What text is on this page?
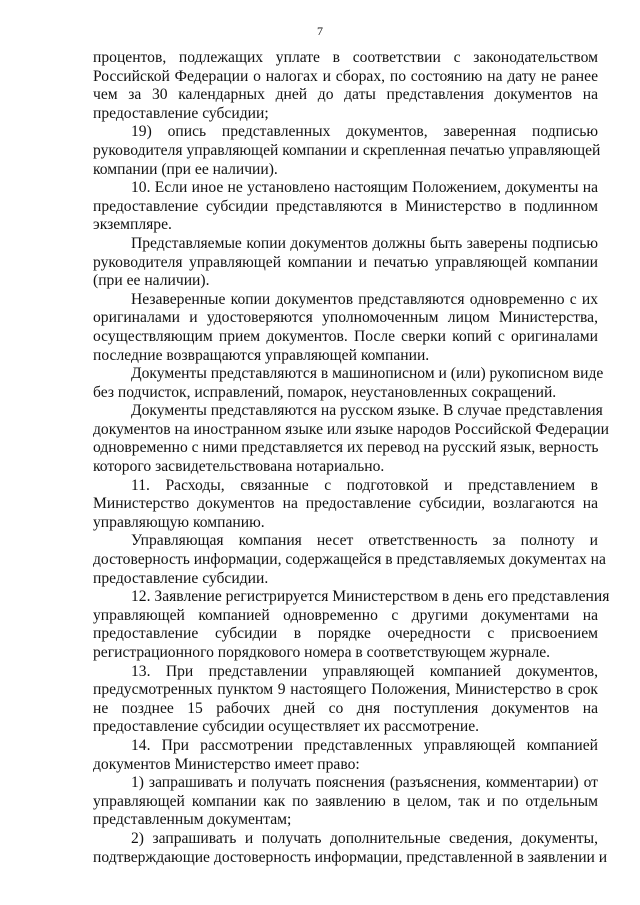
7

процентов, подлежащих уплате в соответствии с законодательством
Российской Федерации о налогах и сборах, по состоянию на дату не ранее
чем за 30 календарных дней до даты представления документов на
предоставление субсидии;

19) опись представленных документов, заверенная подписью
руководителя управляющей компании и скрепленная печатью управляющей
компании (при ее наличии).

10. Если иное не установлено настоящим Положением, документы на
предоставление субсидии представляются в Министерство в подлинном
экземпляре.

Представляемые копии документов должны быть заверены подписью
руководителя управляющей компании и печатью управляющей компании
(при ее наличии).

Незаверенные копии документов представляются одновременно с их
оригиналами и удостоверяются уполномоченным лицом Министерства,
осуществляющим прием документов. После сверки копий с оригиналами
последние возвращаются управляющей компании.

Документы представляются в машинописном и (или) рукописном виде
без подчисток, исправлений, помарок, неустановленных сокращений.

Документы представляются на русском языке. В случае представления
документов на иностранном языке или языке народов Российской Федерации
одновременно с ними представляется их перевод на русский язык, верность
которого засвидетельствована нотариально.

11. Расходы, связанные с подготовкой и представлением в
Министерство документов на предоставление субсидии, возлагаются на
управляющую компанию.

Управляющая компания несет ответственность за полноту и
достоверность информации, содержащейся в представляемых документах на
предоставление субсидии.

12. Заявление регистрируется Министерством в день его представления
управляющей компанией одновременно с другими документами на
предоставление субсидии в порядке очередности с присвоением
регистрационного порядкового номера в соответствующем журнале.

13. При представлении управляющей компанией документов,
предусмотренных пунктом 9 настоящего Положения, Министерство в срок
не позднее 15 рабочих дней со дня поступления документов на
предоставление субсидии осуществляет их рассмотрение.

14. При рассмотрении представленных управляющей компанией
документов Министерство имеет право:

1) запрашивать и получать пояснения (разъяснения, комментарии) от
управляющей компании как по заявлению в целом, так и по отдельным
представленным документам;

2) запрашивать и получать дополнительные сведения, документы,
подтверждающие достоверность информации, представленной в заявлении и
